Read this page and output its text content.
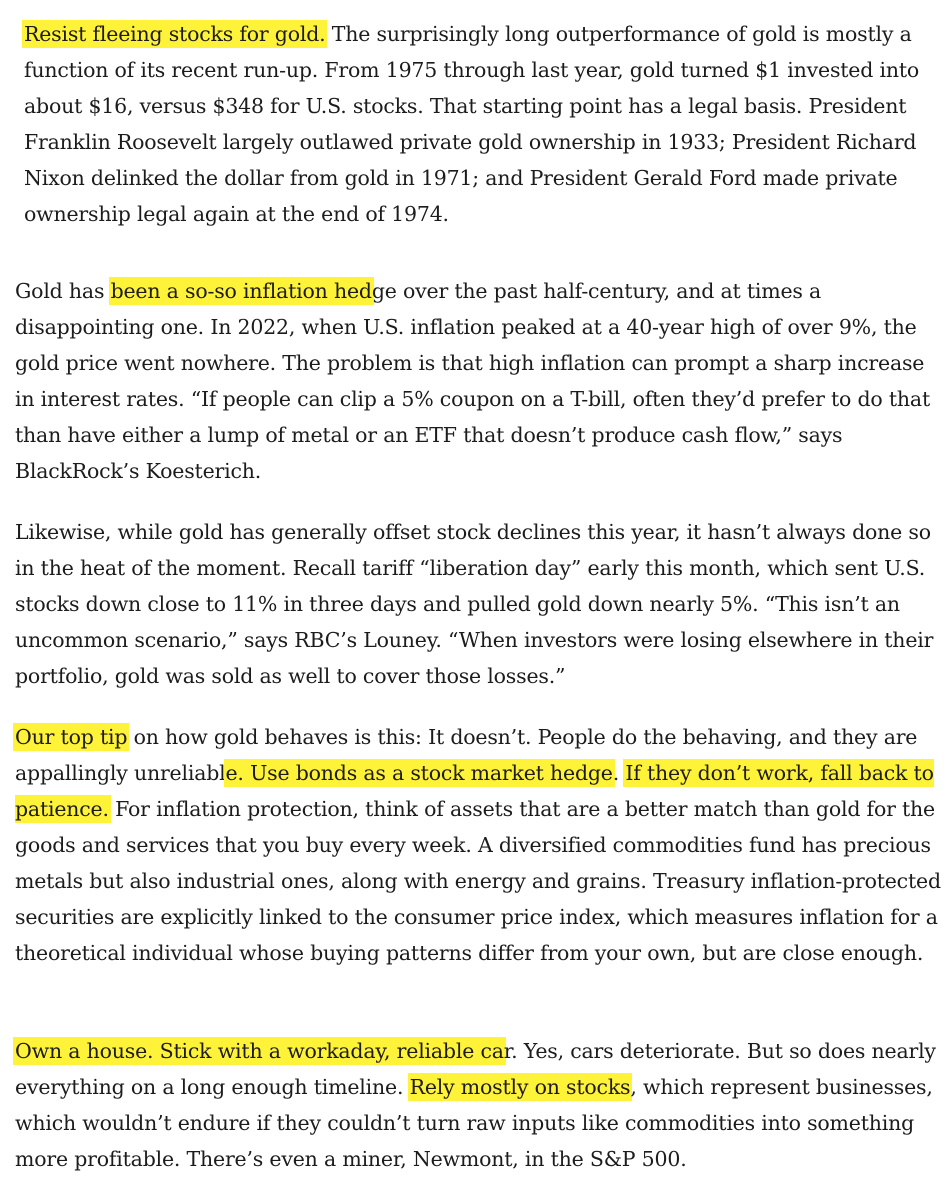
Resist fleeing stocks for gold. The surprisingly long outperformance of gold is mostly a function of its recent run-up. From 1975 through last year, gold turned $1 invested into about $16, versus $348 for U.S. stocks. That starting point has a legal basis. President Franklin Roosevelt largely outlawed private gold ownership in 1933; President Richard Nixon delinked the dollar from gold in 1971; and President Gerald Ford made private ownership legal again at the end of 1974.

Gold has been a so-so inflation hedge over the past half-century, and at times a disappointing one. In 2022, when U.S. inflation peaked at a 40-year high of over 9%, the gold price went nowhere. The problem is that high inflation can prompt a sharp increase in interest rates. “If people can clip a 5% coupon on a T-bill, often they’d prefer to do that than have either a lump of metal or an ETF that doesn’t produce cash flow,” says BlackRock’s Koesterich.

Likewise, while gold has generally offset stock declines this year, it hasn’t always done so in the heat of the moment. Recall tariff “liberation day” early this month, which sent U.S. stocks down close to 11% in three days and pulled gold down nearly 5%. “This isn’t an uncommon scenario,” says RBC’s Louney. “When investors were losing elsewhere in their portfolio, gold was sold as well to cover those losses.”

Our top tip on how gold behaves is this: It doesn’t. People do the behaving, and they are appallingly unreliable. Use bonds as a stock market hedge. If they don’t work, fall back to patience. For inflation protection, think of assets that are a better match than gold for the goods and services that you buy every week. A diversified commodities fund has precious metals but also industrial ones, along with energy and grains. Treasury inflation-protected securities are explicitly linked to the consumer price index, which measures inflation for a theoretical individual whose buying patterns differ from your own, but are close enough.

Own a house. Stick with a workaday, reliable car. Yes, cars deteriorate. But so does nearly everything on a long enough timeline. Rely mostly on stocks, which represent businesses, which wouldn’t endure if they couldn’t turn raw inputs like commodities into something more profitable. There’s even a miner, Newmont, in the S&P 500.
